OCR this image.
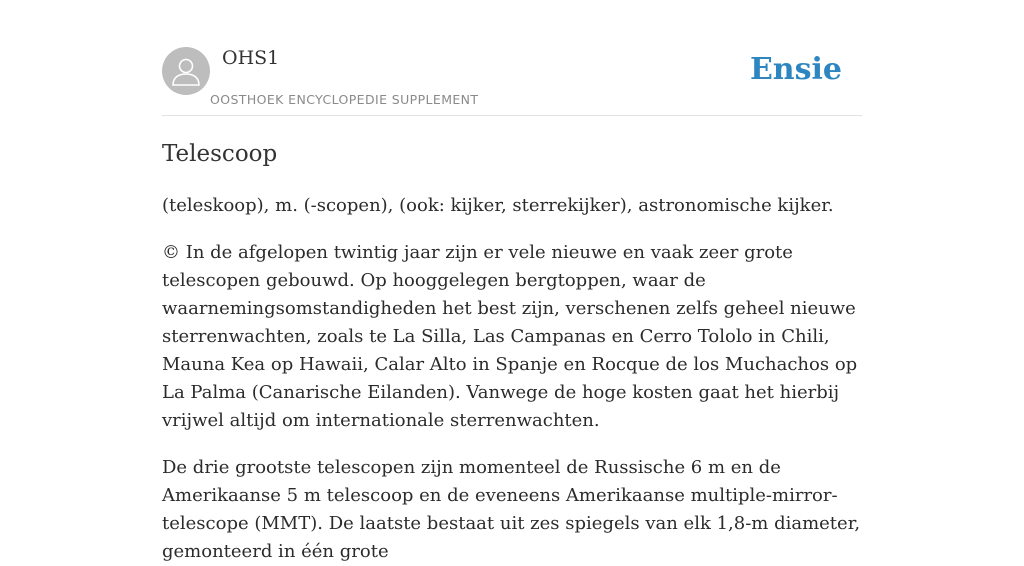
OHS1
OOSTHOEK ENCYCLOPEDIE SUPPLEMENT
Ensie
Telescoop

(teleskoop), m. (-scopen), (ook: kijker, sterrekijker), astronomische kijker.

© In de afgelopen twintig jaar zijn er vele nieuwe en vaak zeer grote telescopen gebouwd. Op hooggelegen bergtoppen, waar de waarnemingsomstandigheden het best zijn, verschenen zelfs geheel nieuwe sterrenwachten, zoals te La Silla, Las Campanas en Cerro Tololo in Chili, Mauna Kea op Hawaii, Calar Alto in Spanje en Rocque de los Muchachos op La Palma (Canarische Eilanden). Vanwege de hoge kosten gaat het hierbij vrijwel altijd om internationale sterrenwachten.

De drie grootste telescopen zijn momenteel de Russische 6 m en de Amerikaanse 5 m telescoop en de eveneens Amerikaanse multiple-mirror-telescope (MMT). De laatste bestaat uit zes spiegels van elk 1,8-m diameter, gemonteerd in één grote
